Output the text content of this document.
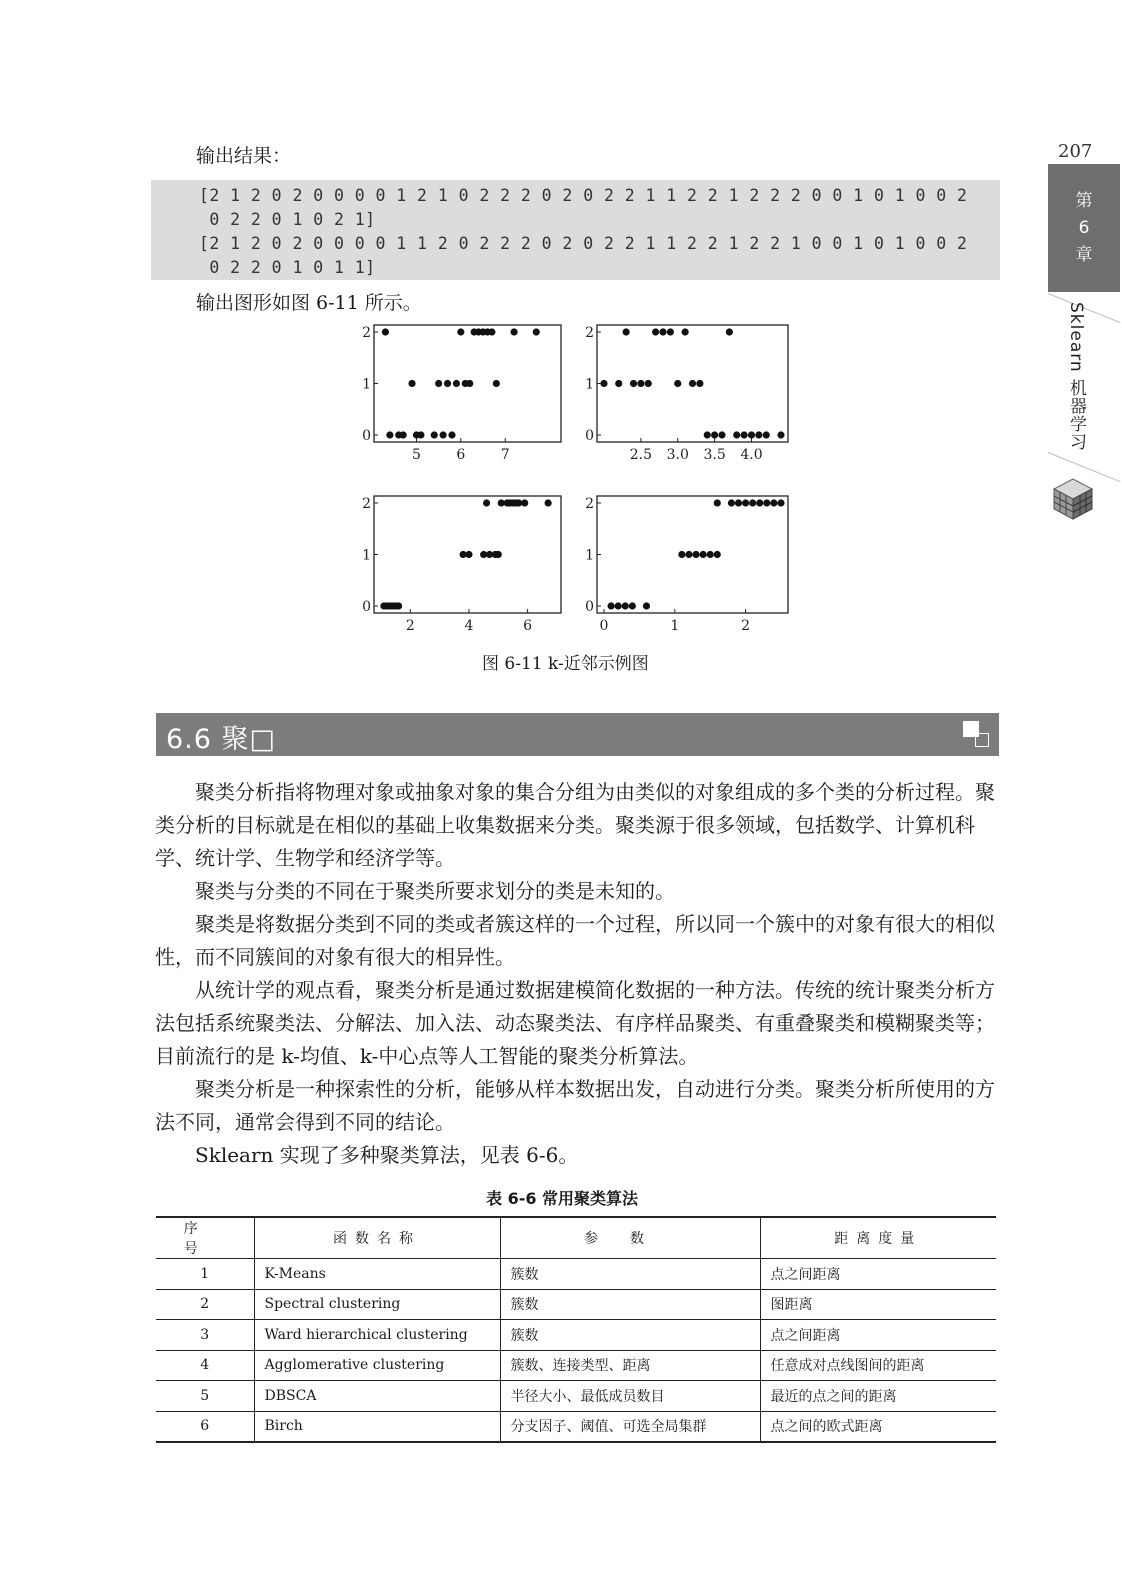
输出结果：	207
[2 1 2 0 2 0 0 0 0 1 2 1 0 2 2 2 0 2 0 2 2 1 1 2 2 1 2 2 2 0 0 1 0 1 0 0 2
0 2 2 0 1 0 2 1]
[2 1 2 0 2 0 0 0 0 1 1 2 0 2 2 2 0 2 0 2 2 1 1 2 2 1 2 2 1 0 0 1 0 1 0 0 2
0 2 2 0 1 0 1 1]
输出图形如图 6-11 所示。
0
1
2
5	6	7
0
1
2
2.5 3.0 3.5 4.0
0
1
2
2	4	6
0
1
2
0	1	2
图 6-11 k-近邻示例图
第
6
章
Sklearn 机器学习
6.6 聚□

聚类分析指将物理对象或抽象对象的集合分组为由类似的对象组成的多个类的分析过程。聚类分析的目标就是在相似的基础上收集数据来分类。聚类源于很多领域，包括数学、计算机科学、统计学、生物学和经济学等。

聚类与分类的不同在于聚类所要求划分的类是未知的。

聚类是将数据分类到不同的类或者簇这样的一个过程，所以同一个簇中的对象有很大的相似性，而不同簇间的对象有很大的相异性。

从统计学的观点看，聚类分析是通过数据建模简化数据的一种方法。传统的统计聚类分析方法包括系统聚类法、分解法、加入法、动态聚类法、有序样品聚类、有重叠聚类和模糊聚类等；目前流行的是 k-均值、k-中心点等人工智能的聚类分析算法。

聚类分析是一种探索性的分析，能够从样本数据出发，自动进行分类。聚类分析所使用的方法不同，通常会得到不同的结论。

Sklearn 实现了多种聚类算法，见表 6-6。

表 6-6 常用聚类算法
序号	函数名称	参数	距离度量
1	K-Means	簇数	点之间距离
2	Spectral clustering	簇数	图距离
3	Ward hierarchical clustering	簇数	点之间距离
4	Agglomerative clustering	簇数、连接类型、距离	任意成对点线图间的距离
5	DBSCA	半径大小、最低成员数目	最近的点之间的距离
6	Birch	分支因子、阈值、可选全局集群	点之间的欧式距离
